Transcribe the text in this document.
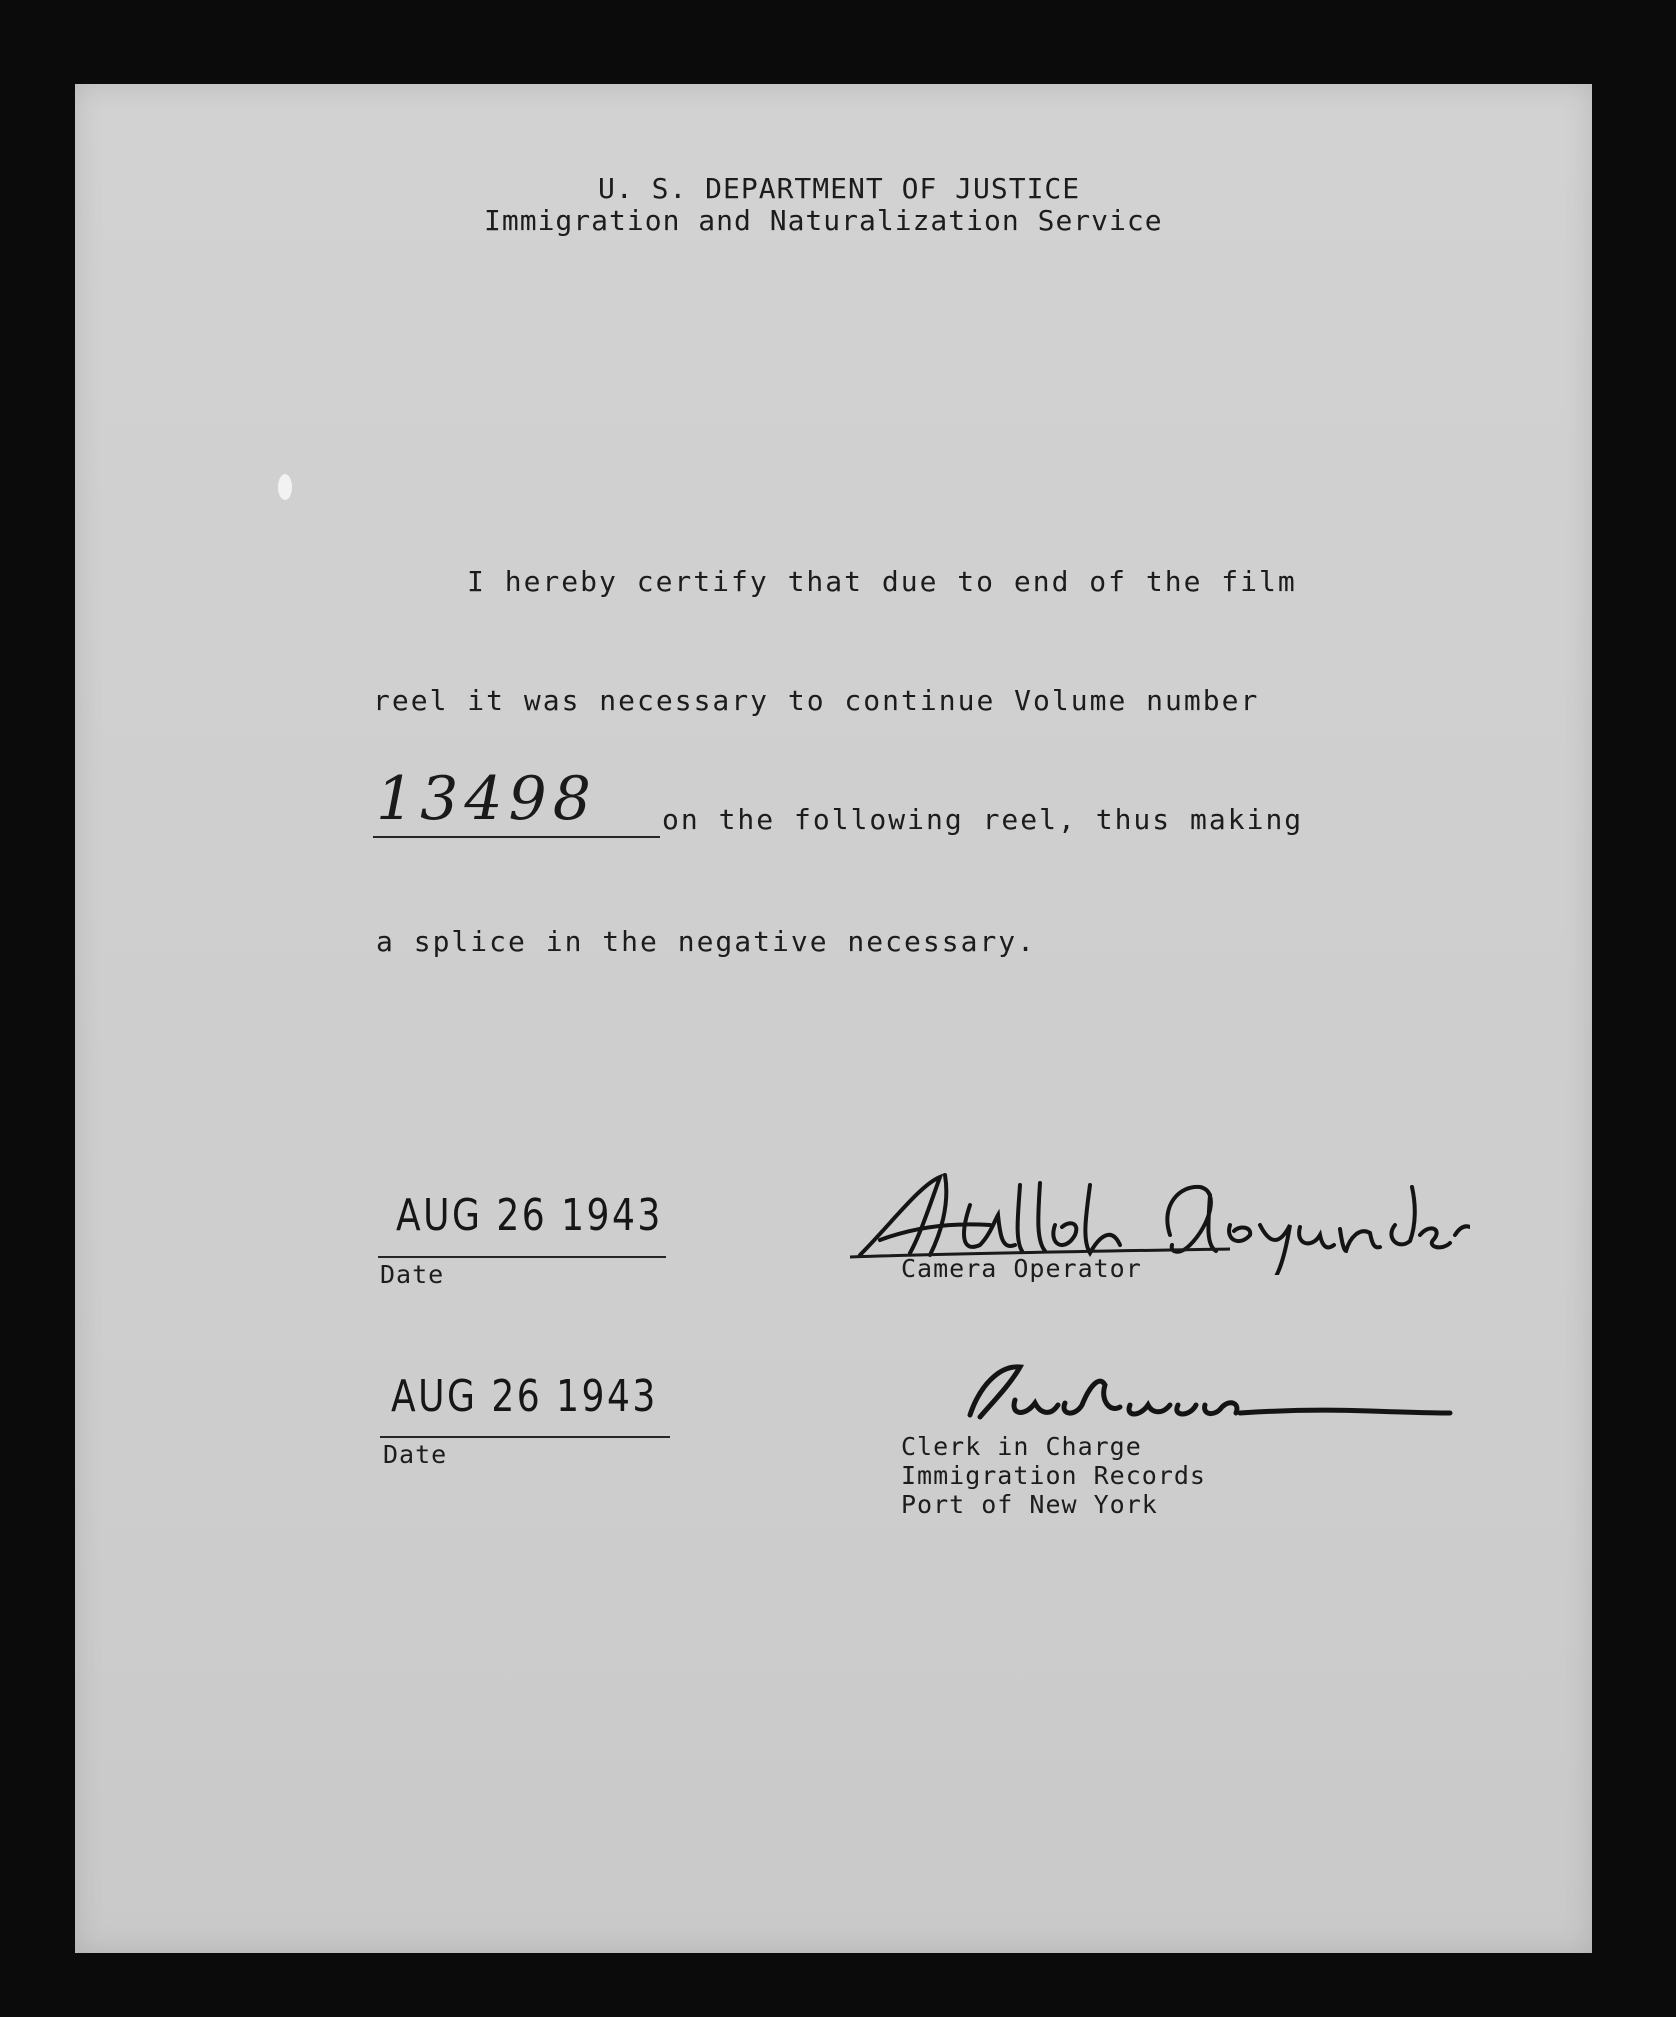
U. S. DEPARTMENT OF JUSTICE
Immigration and Naturalization Service
I hereby certify that due to end of the film
reel it was necessary to continue Volume number
13498 on the following reel, thus making
a splice in the negative necessary.
AUG 26 1943
Date	Camera Operator
AUG 26 1943
Date	Clerk in Charge
Immigration Records
Port of New York
